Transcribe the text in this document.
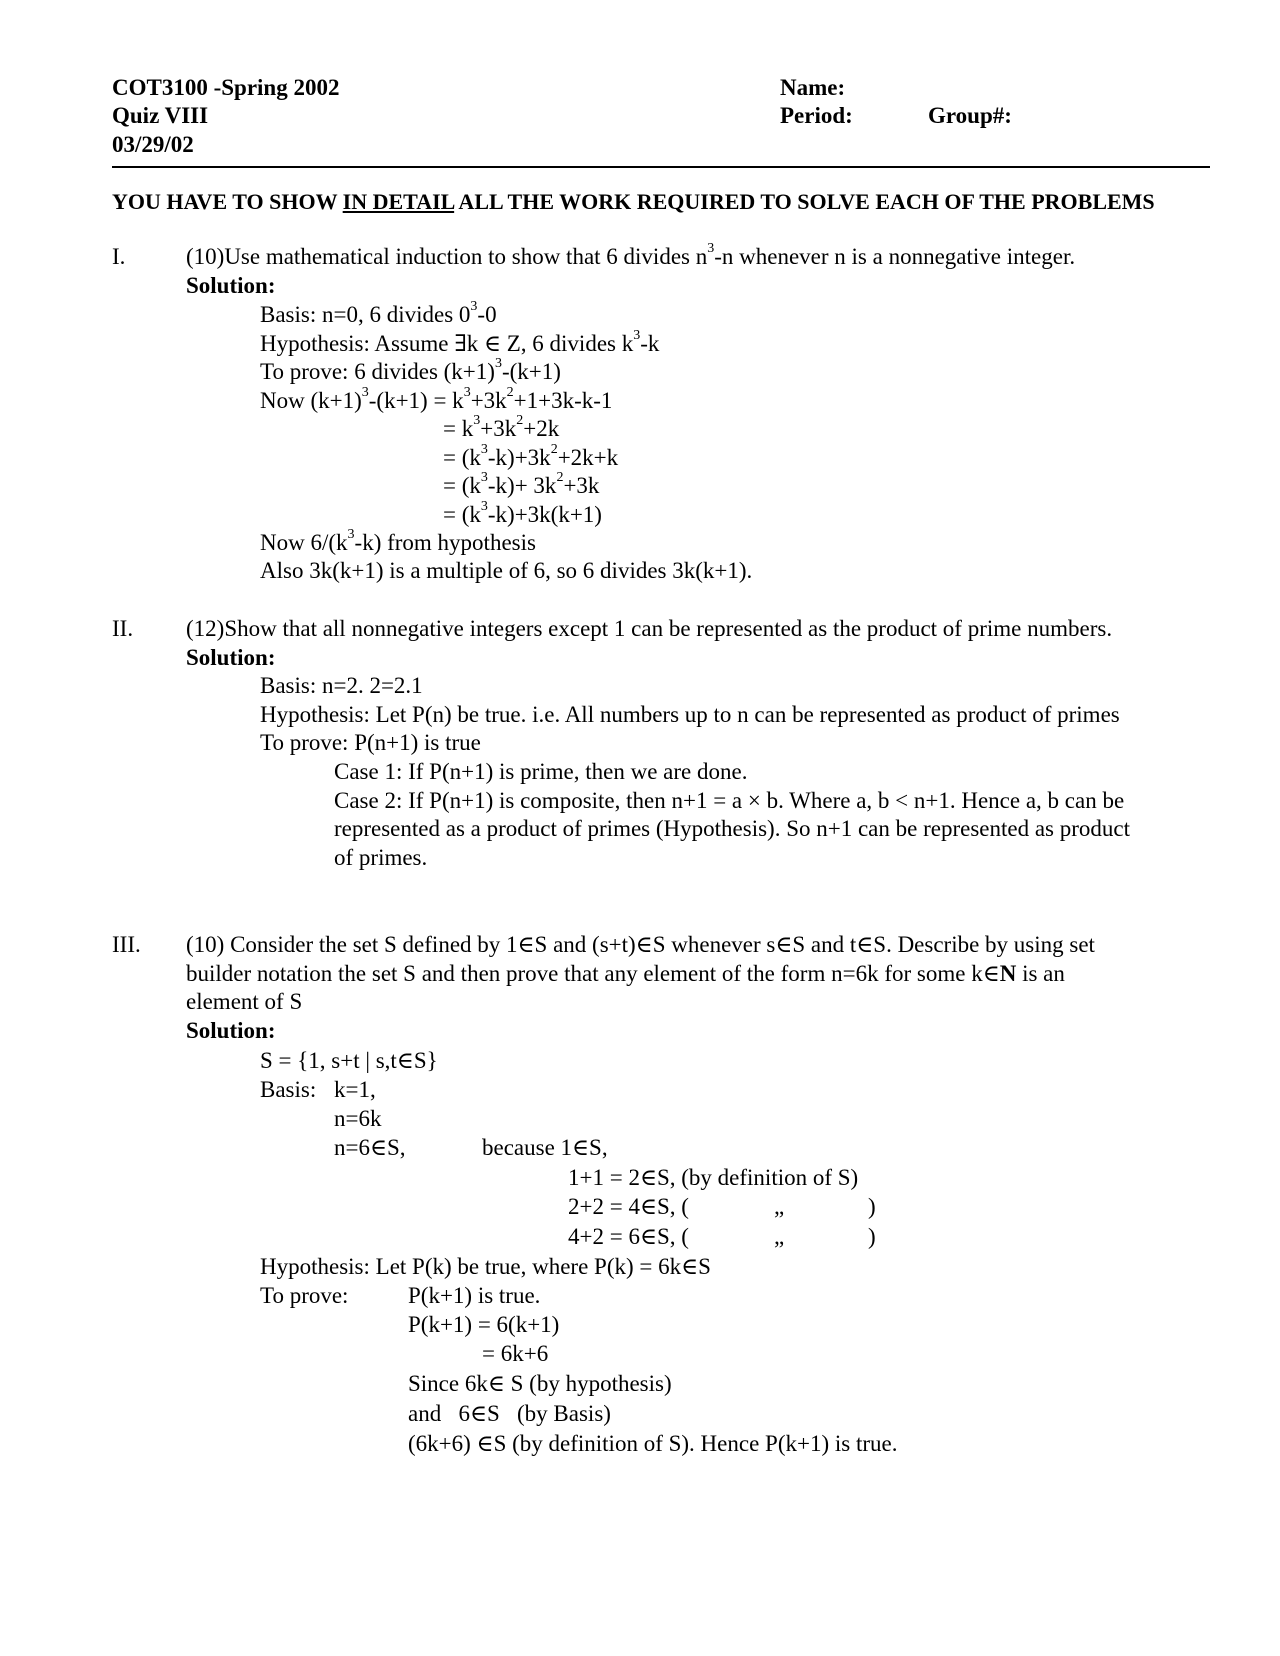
COT3100 -Spring 2002
Quiz VIII
03/29/02
Name:
Period:	Group#:
YOU HAVE TO SHOW IN DETAIL ALL THE WORK REQUIRED TO SOLVE EACH OF THE PROBLEMS
I.	(10)Use mathematical induction to show that 6 divides $n^3-n$ whenever n is a nonnegative integer.
Solution:
Basis: n=0, 6 divides $0^3-0$
Hypothesis: Assume ∃k ∈ Z, 6 divides $k^3-k$
To prove: 6 divides $(k+1)^3-(k+1)$
Now $(k+1)^3-(k+1) = k^3+3k^2+1+3k-k-1$
= $k^3+3k^2+2k$
= $(k^3-k)+3k^2+2k+k$
= $(k^3-k)+ 3k^2+3k$
= $(k^3-k)+3k(k+1)$
Now $6/(k^3-k)$ from hypothesis
Also 3k(k+1) is a multiple of 6, so 6 divides 3k(k+1).
II. (12)Show that all nonnegative integers except 1 can be represented as the product of prime numbers.
Solution:
Basis: n=2. 2=2.1
Hypothesis: Let P(n) be true. i.e. All numbers up to n can be represented as product of primes
To prove: P(n+1) is true
Case 1: If P(n+1) is prime, then we are done.
Case 2: If P(n+1) is composite, then n+1 = a × b. Where a, b < n+1. Hence a, b can be
represented as a product of primes (Hypothesis). So n+1 can be represented as product
of primes.
III. (10) Consider the set S defined by 1∈S and (s+t)∈S whenever s∈S and t∈S. Describe by using set
builder notation the set S and then prove that any element of the form n=6k for some k∈N is an
element of S
Solution:
S = {1, s+t | s,t∈S}
Basis: k=1,
n=6k
n=6∈S,	because 1∈S,
1+1 = 2∈S, (by definition of S)
2+2 = 4∈S, (	„	)
4+2 = 6∈S, (	„	)
Hypothesis: Let P(k) be true, where P(k) = 6k∈S
To prove:	P(k+1) is true.
P(k+1) = 6(k+1)
= 6k+6
Since 6k∈ S (by hypothesis)
and   6∈S   (by Basis)
(6k+6) ∈S (by definition of S). Hence P(k+1) is true.
